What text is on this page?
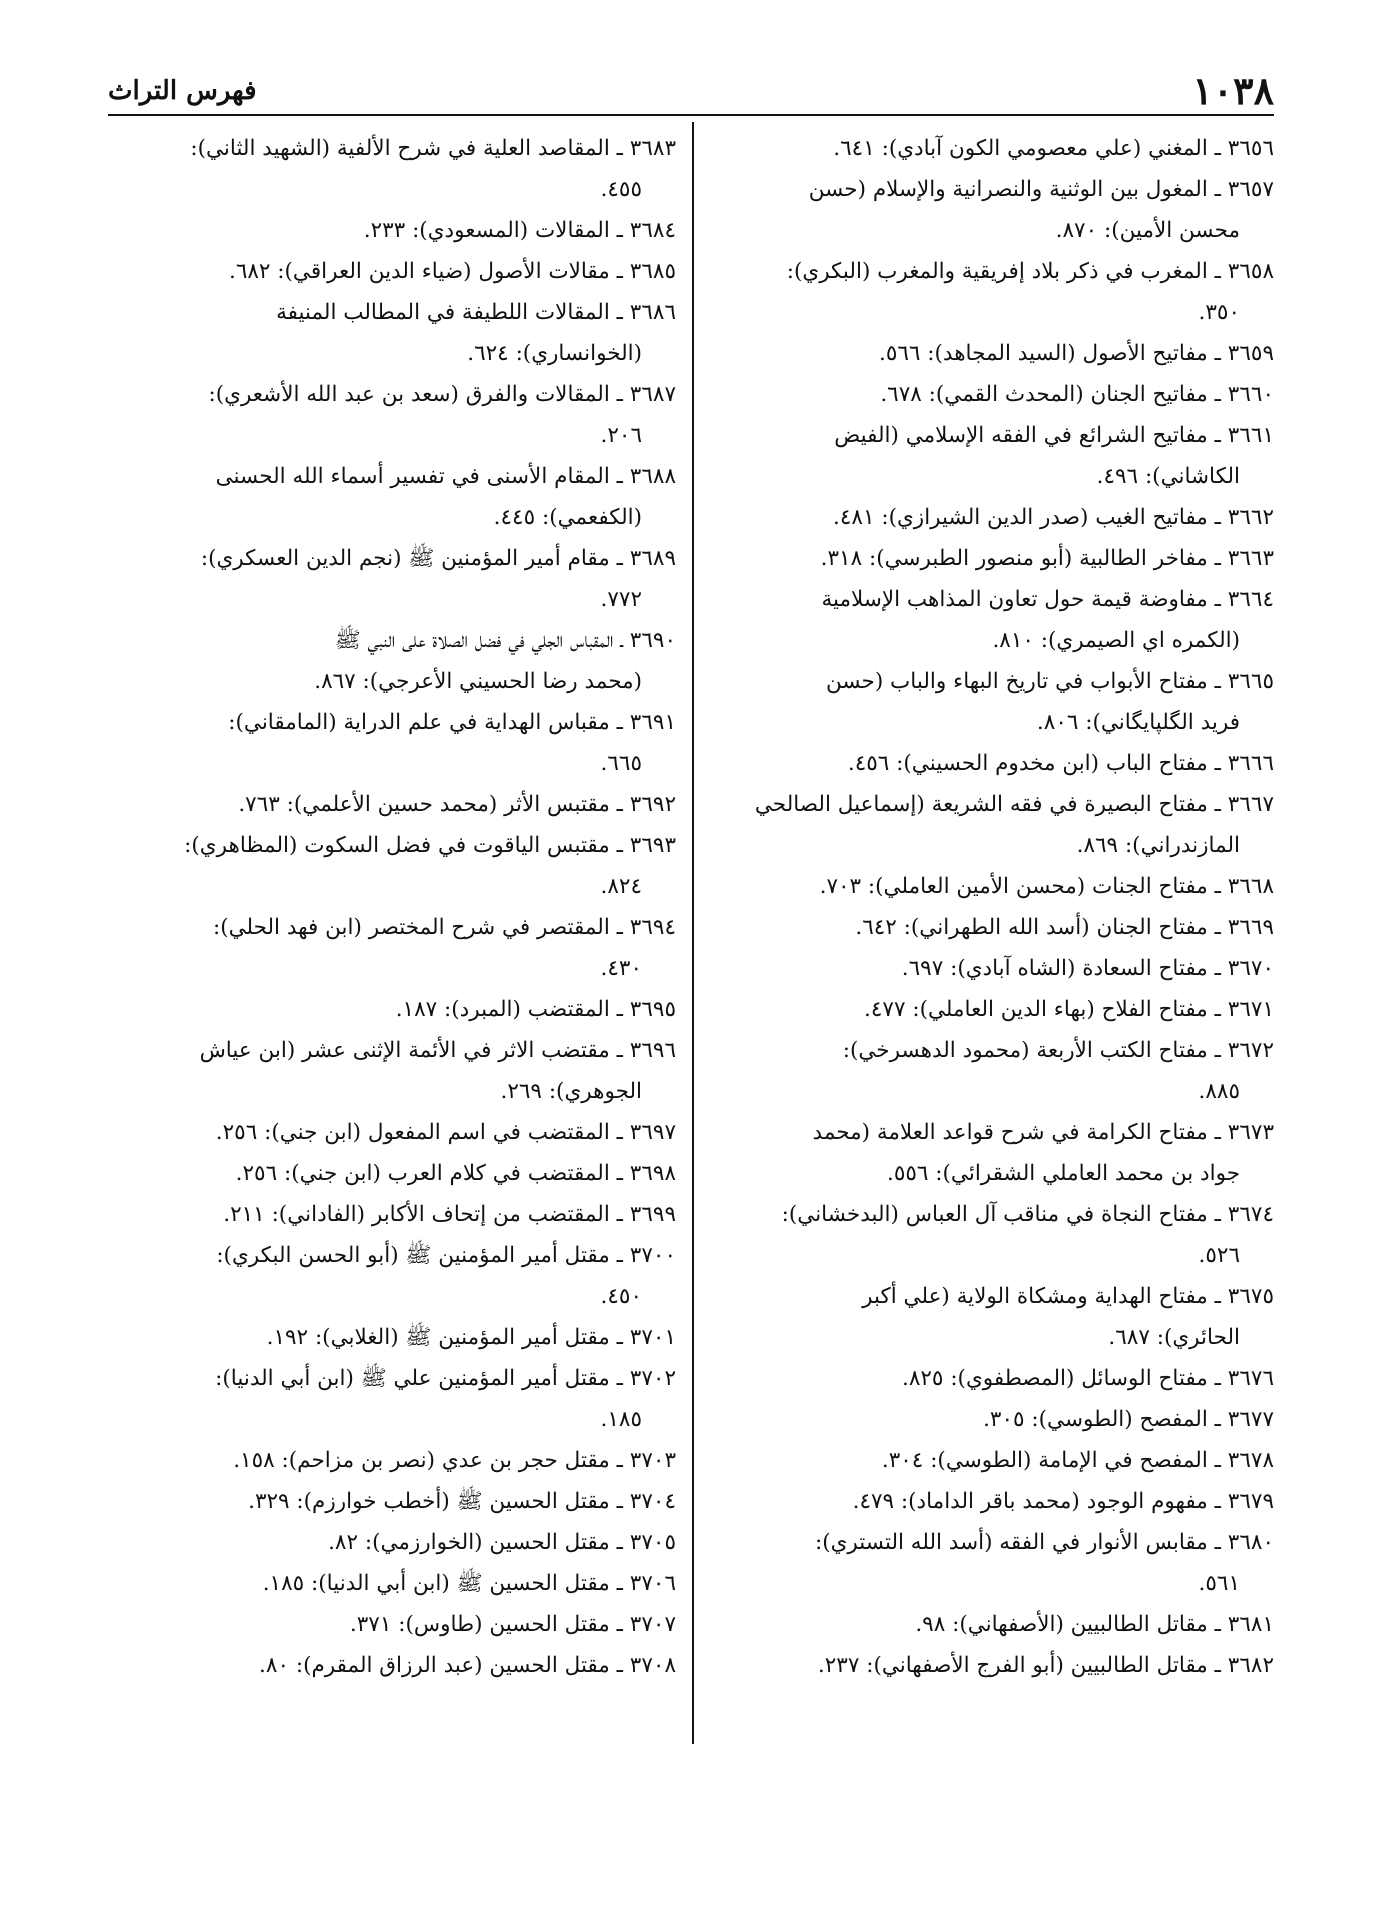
١٠٣٨
فهرس التراث
٣٦٥٦ ـ المغني (علي معصومي الكون آبادي): ٦٤١.
٣٦٥٧ ـ المغول بين الوثنية والنصرانية والإسلام (حسن
محسن الأمين): ٨٧٠.
٣٦٥٨ ـ المغرب في ذكر بلاد إفريقية والمغرب (البكري):
٣٥٠.
٣٦٥٩ ـ مفاتيح الأصول (السيد المجاهد): ٥٦٦.
٣٦٦٠ ـ مفاتيح الجنان (المحدث القمي): ٦٧٨.
٣٦٦١ ـ مفاتيح الشرائع في الفقه الإسلامي (الفيض
الكاشاني): ٤٩٦.
٣٦٦٢ ـ مفاتيح الغيب (صدر الدين الشيرازي): ٤٨١.
٣٦٦٣ ـ مفاخر الطالبية (أبو منصور الطبرسي): ٣١٨.
٣٦٦٤ ـ مفاوضة قيمة حول تعاون المذاهب الإسلامية
(الكمره اي الصيمري): ٨١٠.
٣٦٦٥ ـ مفتاح الأبواب في تاريخ البهاء والباب (حسن
فريد الگلپايگاني): ٨٠٦.
٣٦٦٦ ـ مفتاح الباب (ابن مخدوم الحسيني): ٤٥٦.
٣٦٦٧ ـ مفتاح البصيرة في فقه الشريعة (إسماعيل الصالحي
المازندراني): ٨٦٩.
٣٦٦٨ ـ مفتاح الجنات (محسن الأمين العاملي): ٧٠٣.
٣٦٦٩ ـ مفتاح الجنان (أسد الله الطهراني): ٦٤٢.
٣٦٧٠ ـ مفتاح السعادة (الشاه آبادي): ٦٩٧.
٣٦٧١ ـ مفتاح الفلاح (بهاء الدين العاملي): ٤٧٧.
٣٦٧٢ ـ مفتاح الكتب الأربعة (محمود الدهسرخي):
٨٨٥.
٣٦٧٣ ـ مفتاح الكرامة في شرح قواعد العلامة (محمد
جواد بن محمد العاملي الشقرائي): ٥٥٦.
٣٦٧٤ ـ مفتاح النجاة في مناقب آل العباس (البدخشاني):
٥٢٦.
٣٦٧٥ ـ مفتاح الهداية ومشكاة الولاية (علي أكبر
الحائري): ٦٨٧.
٣٦٧٦ ـ مفتاح الوسائل (المصطفوي): ٨٢٥.
٣٦٧٧ ـ المفصح (الطوسي): ٣٠٥.
٣٦٧٨ ـ المفصح في الإمامة (الطوسي): ٣٠٤.
٣٦٧٩ ـ مفهوم الوجود (محمد باقر الداماد): ٤٧٩.
٣٦٨٠ ـ مقابس الأنوار في الفقه (أسد الله التستري):
٥٦١.
٣٦٨١ ـ مقاتل الطالبيين (الأصفهاني): ٩٨.
٣٦٨٢ ـ مقاتل الطالبيين (أبو الفرج الأصفهاني): ٢٣٧.
٣٦٨٣ ـ المقاصد العلية في شرح الألفية (الشهيد الثاني):
٤٥٥.
٣٦٨٤ ـ المقالات (المسعودي): ٢٣٣.
٣٦٨٥ ـ مقالات الأصول (ضياء الدين العراقي): ٦٨٢.
٣٦٨٦ ـ المقالات اللطيفة في المطالب المنيفة
(الخوانساري): ٦٢٤.
٣٦٨٧ ـ المقالات والفرق (سعد بن عبد الله الأشعري):
٢٠٦.
٣٦٨٨ ـ المقام الأسنى في تفسير أسماء الله الحسنى
(الكفعمي): ٤٤٥.
٣٦٨٩ ـ مقام أمير المؤمنين ﷺ (نجم الدين العسكري):
٧٧٢.
٣٦٩٠ ـ المقباس الجلي في فضل الصلاة على النبي ﷺ
(محمد رضا الحسيني الأعرجي): ٨٦٧.
٣٦٩١ ـ مقباس الهداية في علم الدراية (المامقاني):
٦٦٥.
٣٦٩٢ ـ مقتبس الأثر (محمد حسين الأعلمي): ٧٦٣.
٣٦٩٣ ـ مقتبس الياقوت في فضل السكوت (المظاهري):
٨٢٤.
٣٦٩٤ ـ المقتصر في شرح المختصر (ابن فهد الحلي):
٤٣٠.
٣٦٩٥ ـ المقتضب (المبرد): ١٨٧.
٣٦٩٦ ـ مقتضب الاثر في الأئمة الإثنى عشر (ابن عياش
الجوهري): ٢٦٩.
٣٦٩٧ ـ المقتضب في اسم المفعول (ابن جني): ٢٥٦.
٣٦٩٨ ـ المقتضب في كلام العرب (ابن جني): ٢٥٦.
٣٦٩٩ ـ المقتضب من إتحاف الأكابر (الفاداني): ٢١١.
٣٧٠٠ ـ مقتل أمير المؤمنين ﷺ (أبو الحسن البكري):
٤٥٠.
٣٧٠١ ـ مقتل أمير المؤمنين ﷺ (الغلابي): ١٩٢.
٣٧٠٢ ـ مقتل أمير المؤمنين علي ﷺ (ابن أبي الدنيا):
١٨٥.
٣٧٠٣ ـ مقتل حجر بن عدي (نصر بن مزاحم): ١٥٨.
٣٧٠٤ ـ مقتل الحسين ﷺ (أخطب خوارزم): ٣٢٩.
٣٧٠٥ ـ مقتل الحسين (الخوارزمي): ٨٢.
٣٧٠٦ ـ مقتل الحسين ﷺ (ابن أبي الدنيا): ١٨٥.
٣٧٠٧ ـ مقتل الحسين (طاوس): ٣٧١.
٣٧٠٨ ـ مقتل الحسين (عبد الرزاق المقرم): ٨٠.
